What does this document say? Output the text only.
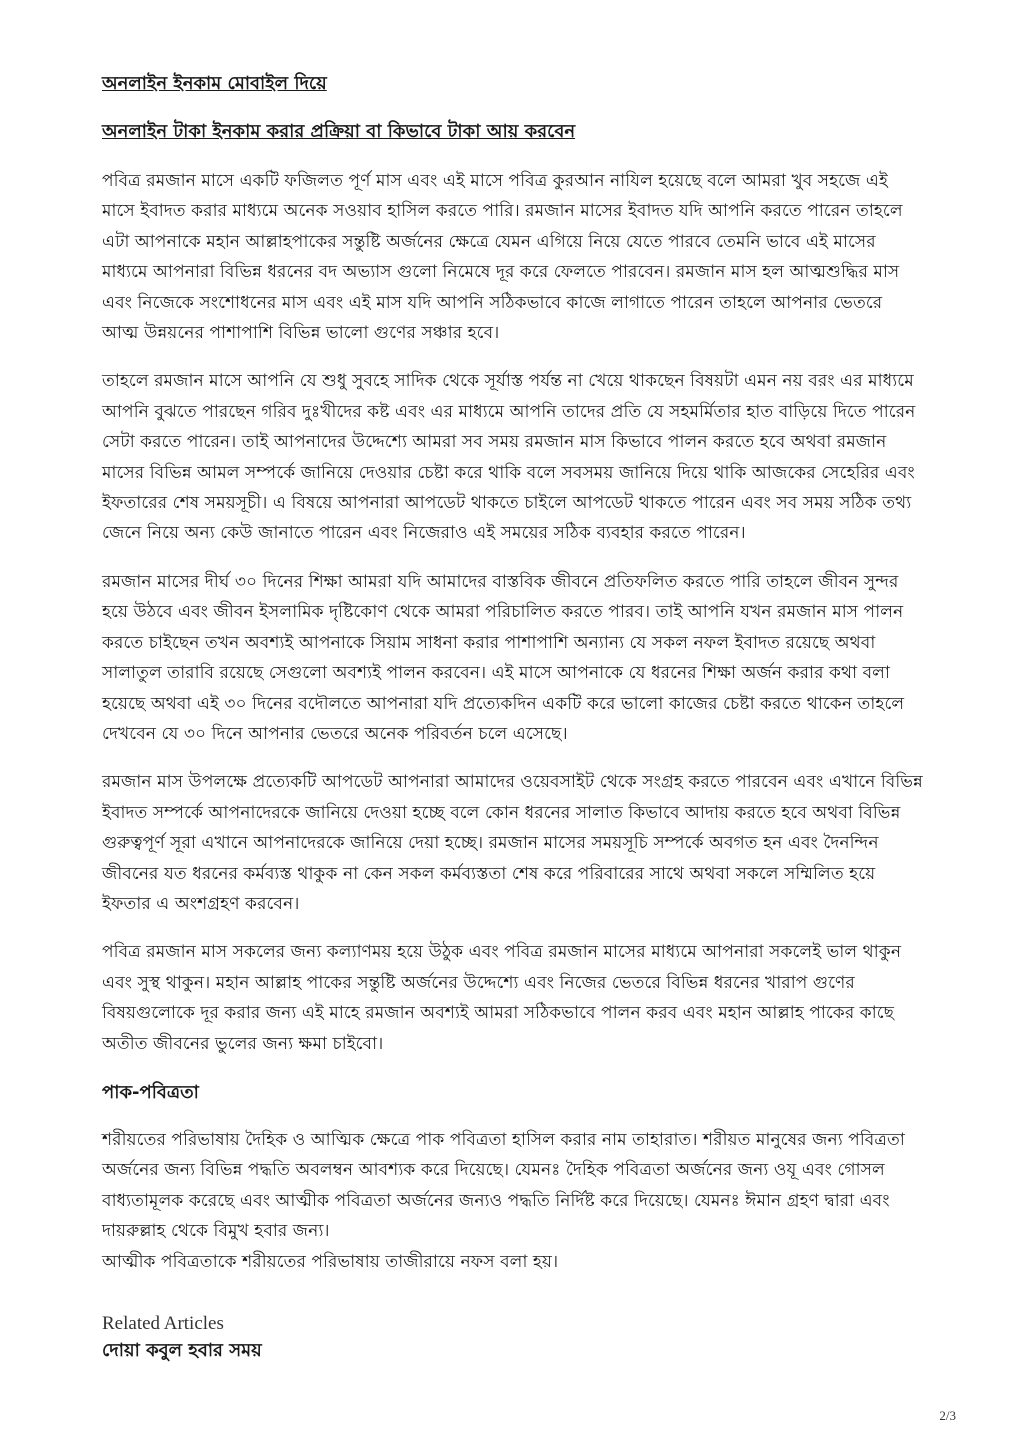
অনলাইন ইনকাম মোবাইল দিয়ে

অনলাইন টাকা ইনকাম করার প্রক্রিয়া বা কিভাবে টাকা আয় করবেন

পবিত্র রমজান মাসে একটি ফজিলত পূর্ণ মাস এবং এই মাসে পবিত্র কুরআন নাযিল হয়েছে বলে আমরা খুব সহজে এই মাসে ইবাদত করার মাধ্যমে অনেক সওয়াব হাসিল করতে পারি। রমজান মাসের ইবাদত যদি আপনি করতে পারেন তাহলে এটা আপনাকে মহান আল্লাহপাকের সন্তুষ্টি অর্জনের ক্ষেত্রে যেমন এগিয়ে নিয়ে যেতে পারবে তেমনি ভাবে এই মাসের মাধ্যমে আপনারা বিভিন্ন ধরনের বদ অভ্যাস গুলো নিমেষে দূর করে ফেলতে পারবেন। রমজান মাস হল আত্মশুদ্ধির মাস এবং নিজেকে সংশোধনের মাস এবং এই মাস যদি আপনি সঠিকভাবে কাজে লাগাতে পারেন তাহলে আপনার ভেতরে আত্ম উন্নয়নের পাশাপাশি বিভিন্ন ভালো গুণের সঞ্চার হবে।

তাহলে রমজান মাসে আপনি যে শুধু সুবহে সাদিক থেকে সূর্যাস্ত পর্যন্ত না খেয়ে থাকছেন বিষয়টা এমন নয় বরং এর মাধ্যমে আপনি বুঝতে পারছেন গরিব দুঃখীদের কষ্ট এবং এর মাধ্যমে আপনি তাদের প্রতি যে সহমর্মিতার হাত বাড়িয়ে দিতে পারেন সেটা করতে পারেন। তাই আপনাদের উদ্দেশ্যে আমরা সব সময় রমজান মাস কিভাবে পালন করতে হবে অথবা রমজান মাসের বিভিন্ন আমল সম্পর্কে জানিয়ে দেওয়ার চেষ্টা করে থাকি বলে সবসময় জানিয়ে দিয়ে থাকি আজকের সেহেরির এবং ইফতারের শেষ সময়সূচী। এ বিষয়ে আপনারা আপডেট থাকতে চাইলে আপডেট থাকতে পারেন এবং সব সময় সঠিক তথ্য জেনে নিয়ে অন্য কেউ জানাতে পারেন এবং নিজেরাও এই সময়ের সঠিক ব্যবহার করতে পারেন।

রমজান মাসের দীর্ঘ ৩০ দিনের শিক্ষা আমরা যদি আমাদের বাস্তবিক জীবনে প্রতিফলিত করতে পারি তাহলে জীবন সুন্দর হয়ে উঠবে এবং জীবন ইসলামিক দৃষ্টিকোণ থেকে আমরা পরিচালিত করতে পারব। তাই আপনি যখন রমজান মাস পালন করতে চাইছেন তখন অবশ্যই আপনাকে সিয়াম সাধনা করার পাশাপাশি অন্যান্য যে সকল নফল ইবাদত রয়েছে অথবা সালাতুল তারাবি রয়েছে সেগুলো অবশ্যই পালন করবেন। এই মাসে আপনাকে যে ধরনের শিক্ষা অর্জন করার কথা বলা হয়েছে অথবা এই ৩০ দিনের বদৌলতে আপনারা যদি প্রত্যেকদিন একটি করে ভালো কাজের চেষ্টা করতে থাকেন তাহলে দেখবেন যে ৩০ দিনে আপনার ভেতরে অনেক পরিবর্তন চলে এসেছে।

রমজান মাস উপলক্ষে প্রত্যেকটি আপডেট আপনারা আমাদের ওয়েবসাইট থেকে সংগ্রহ করতে পারবেন এবং এখানে বিভিন্ন ইবাদত সম্পর্কে আপনাদেরকে জানিয়ে দেওয়া হচ্ছে বলে কোন ধরনের সালাত কিভাবে আদায় করতে হবে অথবা বিভিন্ন গুরুত্বপূর্ণ সূরা এখানে আপনাদেরকে জানিয়ে দেয়া হচ্ছে। রমজান মাসের সময়সূচি সম্পর্কে অবগত হন এবং দৈনন্দিন জীবনের যত ধরনের কর্মব্যস্ত থাকুক না কেন সকল কর্মব্যস্ততা শেষ করে পরিবারের সাথে অথবা সকলে সম্মিলিত হয়ে ইফতার এ অংশগ্রহণ করবেন।

পবিত্র রমজান মাস সকলের জন্য কল্যাণময় হয়ে উঠুক এবং পবিত্র রমজান মাসের মাধ্যমে আপনারা সকলেই ভাল থাকুন এবং সুস্থ থাকুন। মহান আল্লাহ পাকের সন্তুষ্টি অর্জনের উদ্দেশ্যে এবং নিজের ভেতরে বিভিন্ন ধরনের খারাপ গুণের বিষয়গুলোকে দূর করার জন্য এই মাহে রমজান অবশ্যই আমরা সঠিকভাবে পালন করব এবং মহান আল্লাহ পাকের কাছে অতীত জীবনের ভুলের জন্য ক্ষমা চাইবো।

পাক-পবিত্রতা

শরীয়তের পরিভাষায় দৈহিক ও আত্মিক ক্ষেত্রে পাক পবিত্রতা হাসিল করার নাম তাহারাত। শরীয়ত মানুষের জন্য পবিত্রতা অর্জনের জন্য বিভিন্ন পদ্ধতি অবলম্বন আবশ্যক করে দিয়েছে। যেমনঃ দৈহিক পবিত্রতা অর্জনের জন্য ওযূ এবং গোসল বাধ্যতামূলক করেছে এবং আত্মীক পবিত্রতা অর্জনের জন্যও পদ্ধতি নির্দিষ্ট করে দিয়েছে। যেমনঃ ঈমান গ্রহণ দ্বারা এবং দায়রুল্লাহ থেকে বিমুখ হবার জন্য।

আত্মীক পবিত্রতাকে শরীয়তের পরিভাষায় তাজীরায়ে নফস বলা হয়।

Related Articles
দোয়া কবুল হবার সময়
2/3
